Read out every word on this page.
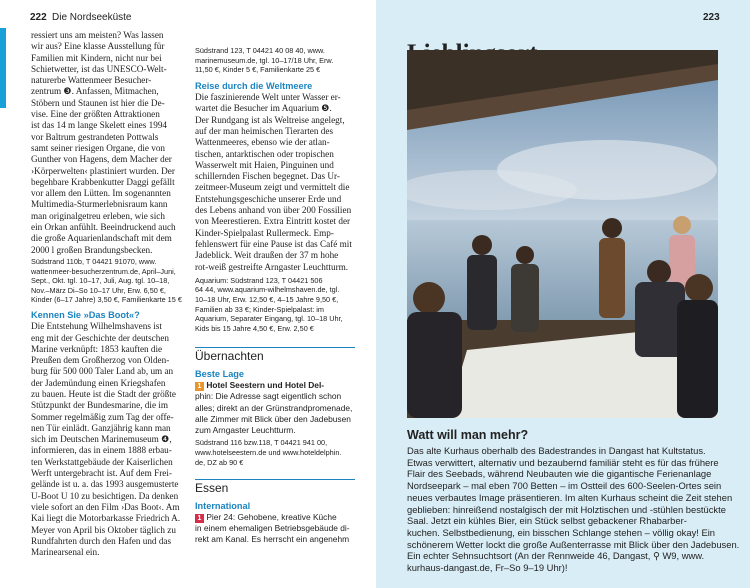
222 Die Nordseeküste
ressiert uns am meisten? Was lassen
wir aus? Eine klasse Ausstellung für
Familien mit Kindern, nicht nur bei
Schietwetter, ist das UNESCO-Welt-
naturerbe Wattenmeer Besucher-
zentrum ❸. Anfassen, Mitmachen,
Stöbern und Staunen ist hier die De-
vise. Eine der größten Attraktionen
ist das 14 m lange Skelett eines 1994
vor Baltrum gestrandeten Pottwals
samt seiner riesigen Organe, die von
Gunther von Hagens, dem Macher der
›Körperwelten‹ plastiniert wurden. Der
begehbare Krabbenkutter Daggi gefällt
vor allem den Lütten. Im sogenannten
Multimedia-Sturmerlebnisraum kann
man originalgetreu erleben, wie sich
ein Orkan anfühlt. Beeindruckend auch
die große Aquarienlandschaft mit dem
2000 l großen Brandungsbecken.
Südstrand 110b, T 04421 91070, www.
wattenmeer-besucherzentrum.de, April–Juni,
Sept., Okt. tgl. 10–17, Juli, Aug. tgl. 10–18,
Nov.–März Di–So 10–17 Uhr, Erw. 6,50 €,
Kinder (6–17 Jahre) 3,50 €, Familienkarte 15 €
Kennen Sie »Das Boot«?
Die Entstehung Wilhelmshavens ist
eng mit der Geschichte der deutschen
Marine verknüpft: 1853 kauften die
Preußen dem Großherzog von Olden-
burg für 500 000 Taler Land ab, um an
der Jademündung einen Kriegshafen
zu bauen. Heute ist die Stadt der größte
Stützpunkt der Bundesmarine, die im
Sommer regelmäßig zum Tag der offe-
nen Tür einlädt. Ganzjährig kann man
sich im Deutschen Marinemuseum ❹,
informieren, das in einem 1888 erbau-
ten Werkstattgebäude der Kaiserlichen
Werft untergebracht ist. Auf dem Frei-
gelände ist u. a. das 1993 ausgemusterte
U-Boot U 10 zu besichtigen. Da denken
viele sofort an den Film ›Das Boot‹. Am
Kai liegt die Motorbarkasse Friedrich A.
Meyer von April bis Oktober täglich zu
Rundfahrten durch den Hafen und das
Marinearsenal ein.
Südstrand 123, T 04421 40 08 40, www.
marinemuseum.de, tgl. 10–17/18 Uhr, Erw.
11,50 €, Kinder 5 €, Familienkarte 25 €
Reise durch die Weltmeere
Die faszinierende Welt unter Wasser er-
wartet die Besucher im Aquarium ❺.
Der Rundgang ist als Weltreise angelegt,
auf der man heimischen Tierarten des
Wattenmeeres, ebenso wie der atlan-
tischen, antarktischen oder tropischen
Wasserwelt mit Haien, Pinguinen und
schillernden Fischen begegnet. Das Ur-
zeitmeer-Museum zeigt und vermittelt die
Entstehungsgeschiche unserer Erde und
des Lebens anhand von über 200 Fossilien
von Meerestieren. Extra Eintritt kostet der
Kinder-Spielpalast Rullermeck. Emp-
fehlenswert für eine Pause ist das Café mit
Jadeblick. Weit draußen der 37 m hohe
rot-weiß gestreifte Arngaster Leuchtturm.
Aquarium: Südstrand 123, T 04421 506
64 44, www.aquarium-wilhelmshaven.de, tgl.
10–18 Uhr, Erw. 12,50 €, 4–15 Jahre 9,50 €,
Familien ab 33 €; Kinder-Spielpalast: im
Aquarium, Separater Eingang, tgl. 10–18 Uhr,
Kids bis 15 Jahre 4,50 €, Erw. 2,50 €
Übernachten
Beste Lage
1 Hotel Seestern und Hotel Del-
phin: Die Adresse sagt eigentlich schon
alles; direkt an der Grünstrandpromenade,
alle Zimmer mit Blick über den Jadebusen
zum Arngaster Leuchtturm.
Südstrand 116 bzw.118, T 04421 941 00,
www.hotelseestern.de und www.hoteldelphin.
de, DZ ab 90 €
Essen
International
1 Pier 24: Gehobene, kreative Küche
in einem ehemaligen Betriebsgebäude di-
rekt am Kanal. Es herrscht ein angenehm
223
Watt will man mehr?
Das alte Kurhaus oberhalb des Badestrandes in Dangast hat Kultstatus.
Etwas verwittert, alternativ und bezaubernd familiär steht es für das frühere
Flair des Seebads, während Neubauten wie die gigantische Ferienanlage
Nordseepark – mal eben 700 Betten – im Ostteil des 600-Seelen-Ortes sein
neues verbautes Image präsentieren. Im alten Kurhaus scheint die Zeit stehen
geblieben: hinreißend nostalgisch der mit Holztischen und -stühlen bestückte
Saal. Jetzt ein kühles Bier, ein Stück selbst gebackener Rhabarber-
kuchen. Selbstbedienung, ein bisschen Schlange stehen – völlig okay! Ein
schönerem Wetter lockt die große Außenterrasse mit Blick über den Jadebusen.
Ein echter Sehnsuchtsort (An der Rennweide 46, Dangast, ⚲ W9, www.
kurhaus-dangast.de, Fr–So 9–19 Uhr)!
